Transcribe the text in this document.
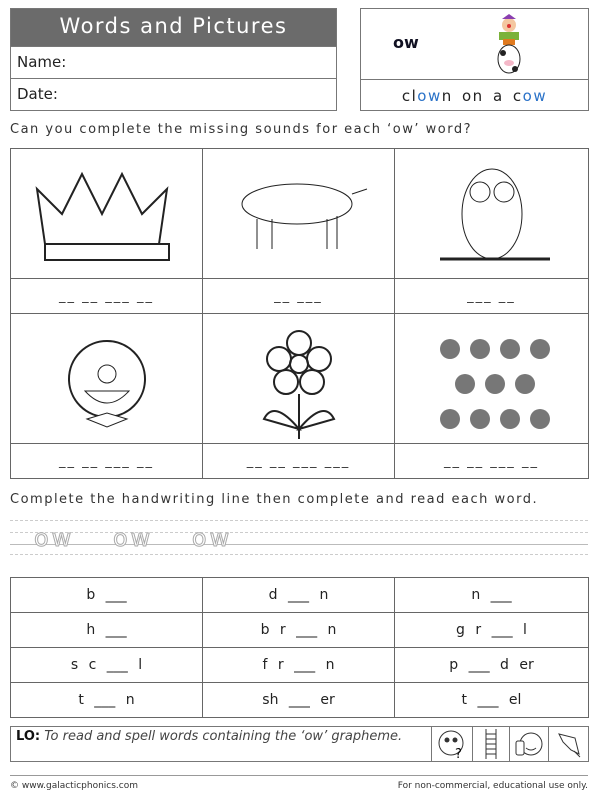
Words and Pictures
Name:
Date:
ow
clown on a cow
Can you complete the missing sounds for each ‘ow’ word?
__ __ ___ __	__ ___	___ __
__ __ ___ __	__ __ ___ ___	__ __ ___ __
Complete the handwriting line then complete and read each word.
ow ow ow
b ___	d ___ n	n ___
h ___	b r ___ n	g r ___ l
s c ___ l	f r ___ n	p ___ d er
t ___ n	sh ___ er	t ___ el
LO: To read and spell words containing the ‘ow’ grapheme.
?
© www.galacticphonics.com	For non-commercial, educational use only.
